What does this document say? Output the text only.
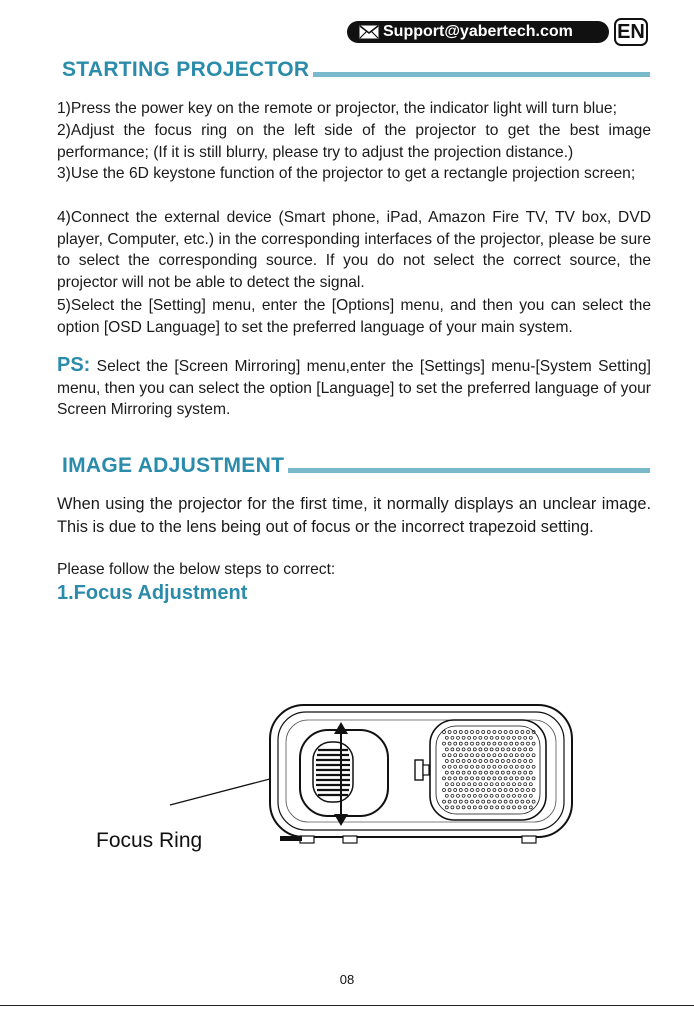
Support@yabertech.com EN
STARTING PROJECTOR

1)Press the power key on the remote or projector, the indicator light will turn blue;

2)Adjust the focus ring on the left side of the projector to get the best image performance; (If it is still blurry, please try to adjust the projection distance.)

3)Use the 6D keystone function of the projector to get a rectangle projection screen;

4)Connect the external device (Smart phone, iPad, Amazon Fire TV, TV box, DVD player, Computer, etc.) in the corresponding interfaces of the projector, please be sure to select the corresponding source. If you do not select the correct source, the projector will not be able to detect the signal.

5)Select the [Setting] menu, enter the [Options] menu, and then you can select the option [OSD Language] to set the preferred language of your main system.

PS: Select the [Screen Mirroring] menu,enter the [Settings] menu-[System Setting] menu, then you can select the option [Language] to set the preferred language of your Screen Mirroring system.

IMAGE ADJUSTMENT

When using the projector for the first time, it normally displays an unclear image. This is due to the lens being out of focus or the incorrect trapezoid setting.

Please follow the below steps to correct:

1.Focus Adjustment

Focus Ring
08
